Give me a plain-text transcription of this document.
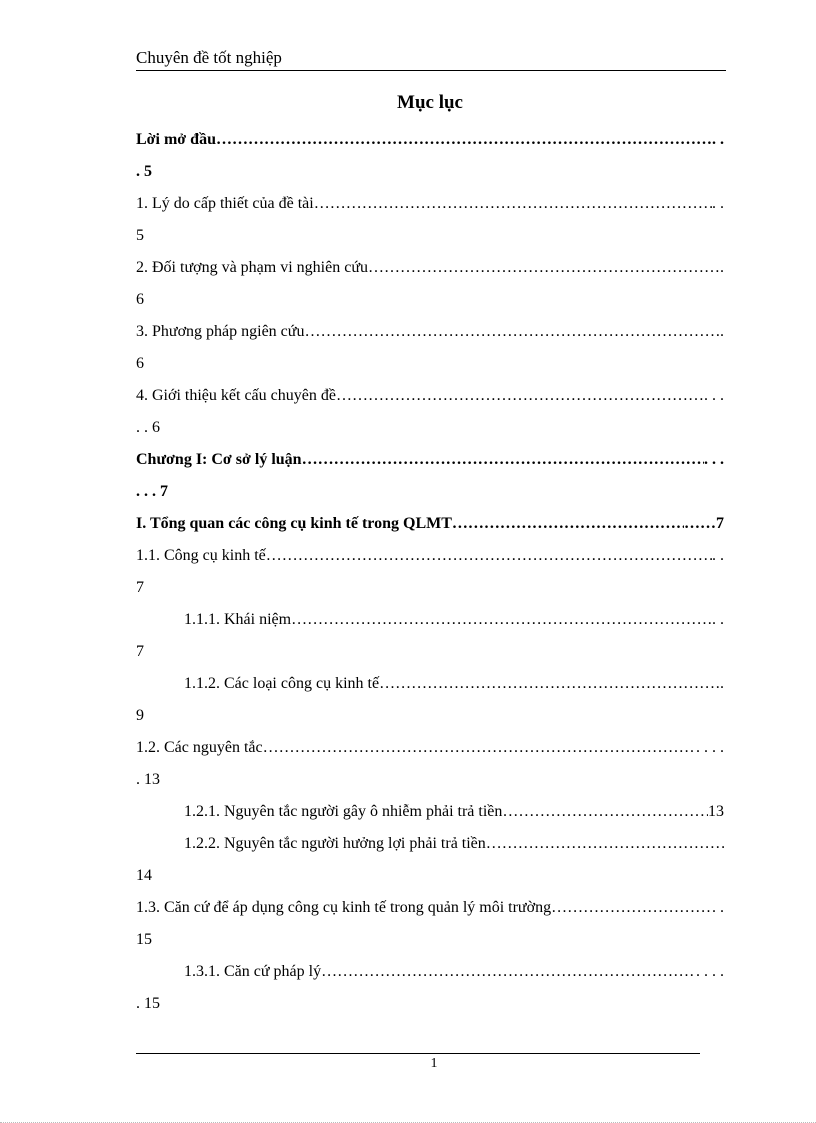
Chuyên đề tốt nghiệp
Mục lục
Lời mở đầu …………………………………………………………………………………………………………………………………………………………	. .
. 5
1. Lý do cấp thiết của đề tài …………………………………………………………………………………………………………………………………………………………	. .
5
2. Đối tượng và phạm vi nghiên cứu …………………………………………………………………………………………………………………………………………………………	.
6
3. Phương pháp ngiên cứu …………………………………………………………………………………………………………………………………………………………	.
6
4. Giới thiệu kết cấu chuyên đề …………………………………………………………………………………………………………………………………………………………	. . .
. . 6
Chương I: Cơ sở lý luận …………………………………………………………………………………………………………………………………………………………	. . .
. . . 7
I. Tổng quan các công cụ kinh tế trong QLMT …………………………………………………………………………………………………………………………………………………………	……7
1.1. Công cụ kinh tế …………………………………………………………………………………………………………………………………………………………	. .
7
1.1.1. Khái niệm …………………………………………………………………………………………………………………………………………………………	. .
7
1.1.2. Các loại công cụ kinh tế …………………………………………………………………………………………………………………………………………………………	.
9
1.2. Các nguyên tắc …………………………………………………………………………………………………………………………………………………………	. . . .
. 13
1.2.1. Nguyên tắc người gây ô nhiễm phải trả tiền …………………………………………………………………………………………………………………………………………………………	13
1.2.2. Nguyên tắc người hưởng lợi phải trả tiền
…………………………………………………………………………………………………………………………………………………………
14
1.3. Căn cứ để áp dụng công cụ kinh tế trong quản lý môi trường …………………………………………………………………………………………………………………………………………………………	. .
15
1.3.1. Căn cứ pháp lý …………………………………………………………………………………………………………………………………………………………	. . . .
. 15
1
